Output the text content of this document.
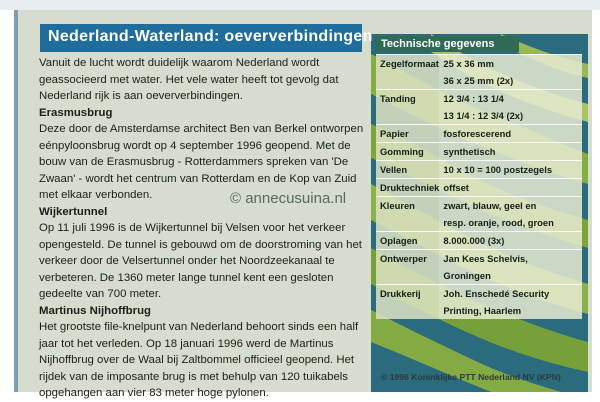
Nederland-Waterland: oeververbindingen

Vanuit de lucht wordt duidelijk waarom Nederland wordt geassocieerd met water. Het vele water heeft tot gevolg dat Nederland rijk is aan oeververbindingen.

Erasmusbrug

Deze door de Amsterdamse architect Ben van Berkel ontworpen eénpyloonsbrug wordt op 4 september 1996 geopend. Met de bouw van de Erasmusbrug - Rotterdammers spreken van 'De Zwaan' - wordt het centrum van Rotterdam en de Kop van Zuid met elkaar verbonden.

Wijkertunnel

Op 11 juli 1996 is de Wijkertunnel bij Velsen voor het verkeer opengesteld. De tunnel is gebouwd om de doorstroming van het verkeer door de Velsertunnel onder het Noordzeekanaal te verbeteren. De 1360 meter lange tunnel kent een gesloten gedeelte van 700 meter.

Martinus Nijhoffbrug

Het grootste file-knelpunt van Nederland behoort sinds een half jaar tot het verleden. Op 18 januari 1996 werd de Martinus Nijhoffbrug over de Waal bij Zaltbommel officieel geopend. Het rijdek van de imposante brug is met behulp van 120 tuikabels opgehangen aan vier 83 meter hoge pylonen.

© annecusuina.nl
Technische gegevens
Zegelformaat	25 x 36 mm
	36 x 25 mm (2x)
Tanding	12 3/4 : 13 1/4
	13 1/4 : 12 3/4 (2x)
Papier	fosforescerend
Gomming	synthetisch
Vellen	10 x 10 = 100 postzegels
Druktechniek	offset
Kleuren	zwart, blauw, geel en
	resp. oranje, rood, groen
Oplagen	8.000.000 (3x)
Ontwerper	Jan Kees Schelvis,
	Groningen
Drukkerij	Joh. Enschedé Security
	Printing, Haarlem
© 1996 Koninklijke PTT Nederland NV (KPN)
